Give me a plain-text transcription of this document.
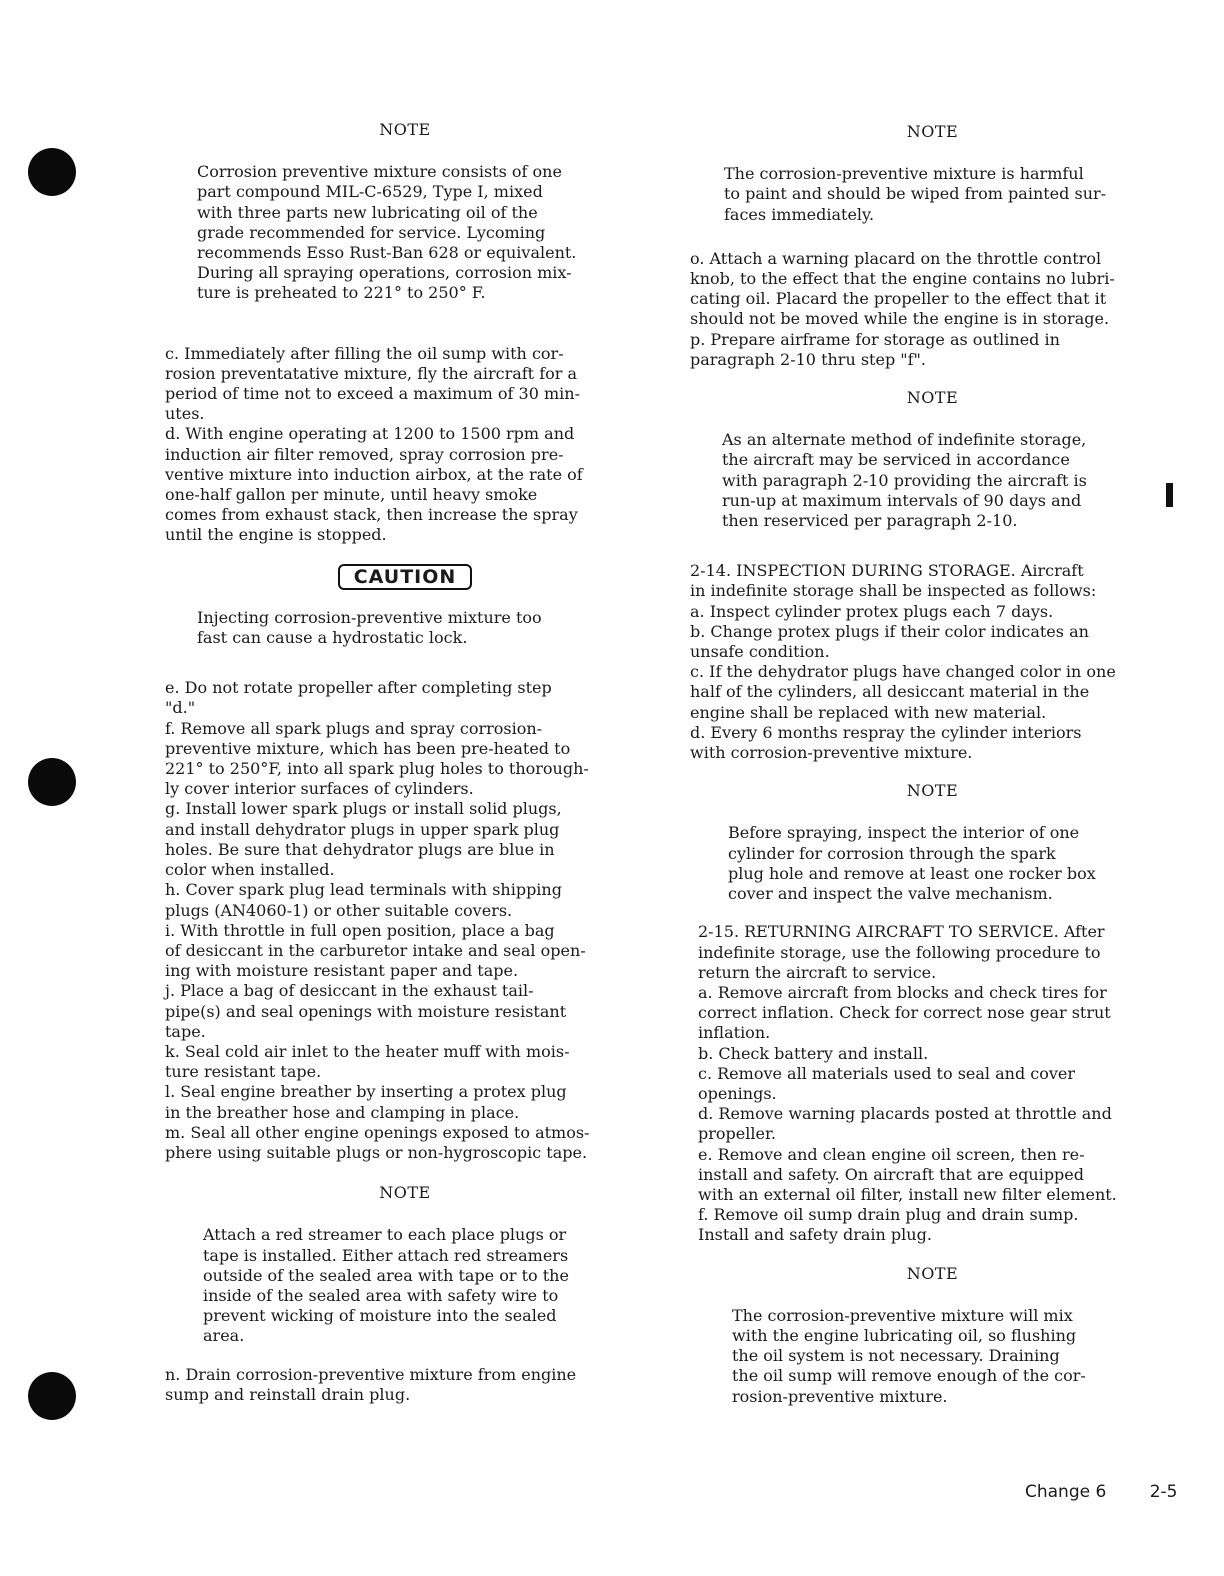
NOTE

Corrosion preventive mixture consists of one

part compound MIL-C-6529, Type I, mixed

with three parts new lubricating oil of the

grade recommended for service. Lycoming

recommends Esso Rust-Ban 628 or equivalent.

During all spraying operations, corrosion mix-

ture is preheated to 221° to 250° F.

c. Immediately after filling the oil sump with cor-

rosion preventatative mixture, fly the aircraft for a

period of time not to exceed a maximum of 30 min-

utes.

d. With engine operating at 1200 to 1500 rpm and

induction air filter removed, spray corrosion pre-

ventive mixture into induction airbox, at the rate of

one-half gallon per minute, until heavy smoke

comes from exhaust stack, then increase the spray

until the engine is stopped.

CAUTION

Injecting corrosion-preventive mixture too

fast can cause a hydrostatic lock.

e. Do not rotate propeller after completing step

"d."

f. Remove all spark plugs and spray corrosion-

preventive mixture, which has been pre-heated to

221° to 250°F, into all spark plug holes to thorough-

ly cover interior surfaces of cylinders.

g. Install lower spark plugs or install solid plugs,

and install dehydrator plugs in upper spark plug

holes. Be sure that dehydrator plugs are blue in

color when installed.

h. Cover spark plug lead terminals with shipping

plugs (AN4060-1) or other suitable covers.

i. With throttle in full open position, place a bag

of desiccant in the carburetor intake and seal open-

ing with moisture resistant paper and tape.

j. Place a bag of desiccant in the exhaust tail-

pipe(s) and seal openings with moisture resistant

tape.

k. Seal cold air inlet to the heater muff with mois-

ture resistant tape.

l. Seal engine breather by inserting a protex plug

in the breather hose and clamping in place.

m. Seal all other engine openings exposed to atmos-

phere using suitable plugs or non-hygroscopic tape.

NOTE

Attach a red streamer to each place plugs or

tape is installed. Either attach red streamers

outside of the sealed area with tape or to the

inside of the sealed area with safety wire to

prevent wicking of moisture into the sealed

area.

n. Drain corrosion-preventive mixture from engine

sump and reinstall drain plug.

NOTE

The corrosion-preventive mixture is harmful

to paint and should be wiped from painted sur-

faces immediately.

o. Attach a warning placard on the throttle control

knob, to the effect that the engine contains no lubri-

cating oil. Placard the propeller to the effect that it

should not be moved while the engine is in storage.

p. Prepare airframe for storage as outlined in

paragraph 2-10 thru step "f".

NOTE

As an alternate method of indefinite storage,

the aircraft may be serviced in accordance

with paragraph 2-10 providing the aircraft is

run-up at maximum intervals of 90 days and

then reserviced per paragraph 2-10.

2-14. INSPECTION DURING STORAGE. Aircraft

in indefinite storage shall be inspected as follows:

a. Inspect cylinder protex plugs each 7 days.

b. Change protex plugs if their color indicates an

unsafe condition.

c. If the dehydrator plugs have changed color in one

half of the cylinders, all desiccant material in the

engine shall be replaced with new material.

d. Every 6 months respray the cylinder interiors

with corrosion-preventive mixture.

NOTE

Before spraying, inspect the interior of one

cylinder for corrosion through the spark

plug hole and remove at least one rocker box

cover and inspect the valve mechanism.

2-15. RETURNING AIRCRAFT TO SERVICE. After

indefinite storage, use the following procedure to

return the aircraft to service.

a. Remove aircraft from blocks and check tires for

correct inflation. Check for correct nose gear strut

inflation.

b. Check battery and install.

c. Remove all materials used to seal and cover

openings.

d. Remove warning placards posted at throttle and

propeller.

e. Remove and clean engine oil screen, then re-

install and safety. On aircraft that are equipped

with an external oil filter, install new filter element.

f. Remove oil sump drain plug and drain sump.

Install and safety drain plug.

NOTE

The corrosion-preventive mixture will mix

with the engine lubricating oil, so flushing

the oil system is not necessary. Draining

the oil sump will remove enough of the cor-

rosion-preventive mixture.

Change 6	2-5
